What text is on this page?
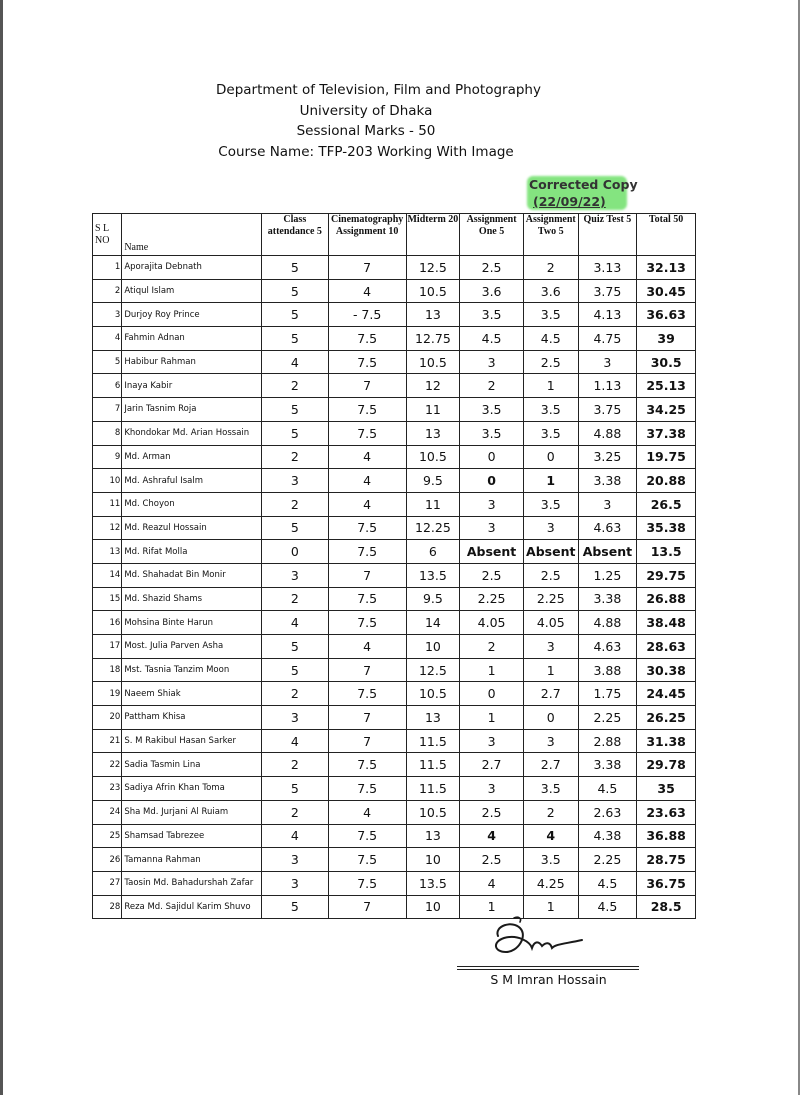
Department of Television, Film and Photography
University of Dhaka
Sessional Marks - 50
Course Name: TFP-203 Working With Image
Corrected Copy
(22/09/22)
S L
NO	Name	Class attendance 5	Cinematography Assignment 10	Midterm 20	Assignment One 5	Assignment Two 5	Quiz Test 5	Total 50
1	Aporajita Debnath	5	7	12.5	2.5	2	3.13	32.13
2	Atiqul Islam	5	4	10.5	3.6	3.6	3.75	30.45
3	Durjoy Roy Prince	5	- 7.5	13	3.5	3.5	4.13	36.63
4	Fahmin Adnan	5	7.5	12.75	4.5	4.5	4.75	39
5	Habibur Rahman	4	7.5	10.5	3	2.5	3	30.5
6	Inaya Kabir	2	7	12	2	1	1.13	25.13
7	Jarin Tasnim Roja	5	7.5	11	3.5	3.5	3.75	34.25
8	Khondokar Md. Arian Hossain	5	7.5	13	3.5	3.5	4.88	37.38
9	Md. Arman	2	4	10.5	0	0	3.25	19.75
10	Md. Ashraful Isalm	3	4	9.5	0	1	3.38	20.88
11	Md. Choyon	2	4	11	3	3.5	3	26.5
12	Md. Reazul Hossain	5	7.5	12.25	3	3	4.63	35.38
13	Md. Rifat Molla	0	7.5	6	Absent	Absent	Absent	13.5
14	Md. Shahadat Bin Monir	3	7	13.5	2.5	2.5	1.25	29.75
15	Md. Shazid Shams	2	7.5	9.5	2.25	2.25	3.38	26.88
16	Mohsina Binte Harun	4	7.5	14	4.05	4.05	4.88	38.48
17	Most. Julia Parven Asha	5	4	10	2	3	4.63	28.63
18	Mst. Tasnia Tanzim Moon	5	7	12.5	1	1	3.88	30.38
19	Naeem Shiak	2	7.5	10.5	0	2.7	1.75	24.45
20	Pattham Khisa	3	7	13	1	0	2.25	26.25
21	S. M Rakibul Hasan Sarker	4	7	11.5	3	3	2.88	31.38
22	Sadia Tasmin Lina	2	7.5	11.5	2.7	2.7	3.38	29.78
23	Sadiya Afrin Khan Toma	5	7.5	11.5	3	3.5	4.5	35
24	Sha Md. Jurjani Al Ruiam	2	4	10.5	2.5	2	2.63	23.63
25	Shamsad Tabrezee	4	7.5	13	4	4	4.38	36.88
26	Tamanna Rahman	3	7.5	10	2.5	3.5	2.25	28.75
27	Taosin Md. Bahadurshah Zafar	3	7.5	13.5	4	4.25	4.5	36.75
28	Reza Md. Sajidul Karim Shuvo	5	7	10	1	1	4.5	28.5
S M Imran Hossain
